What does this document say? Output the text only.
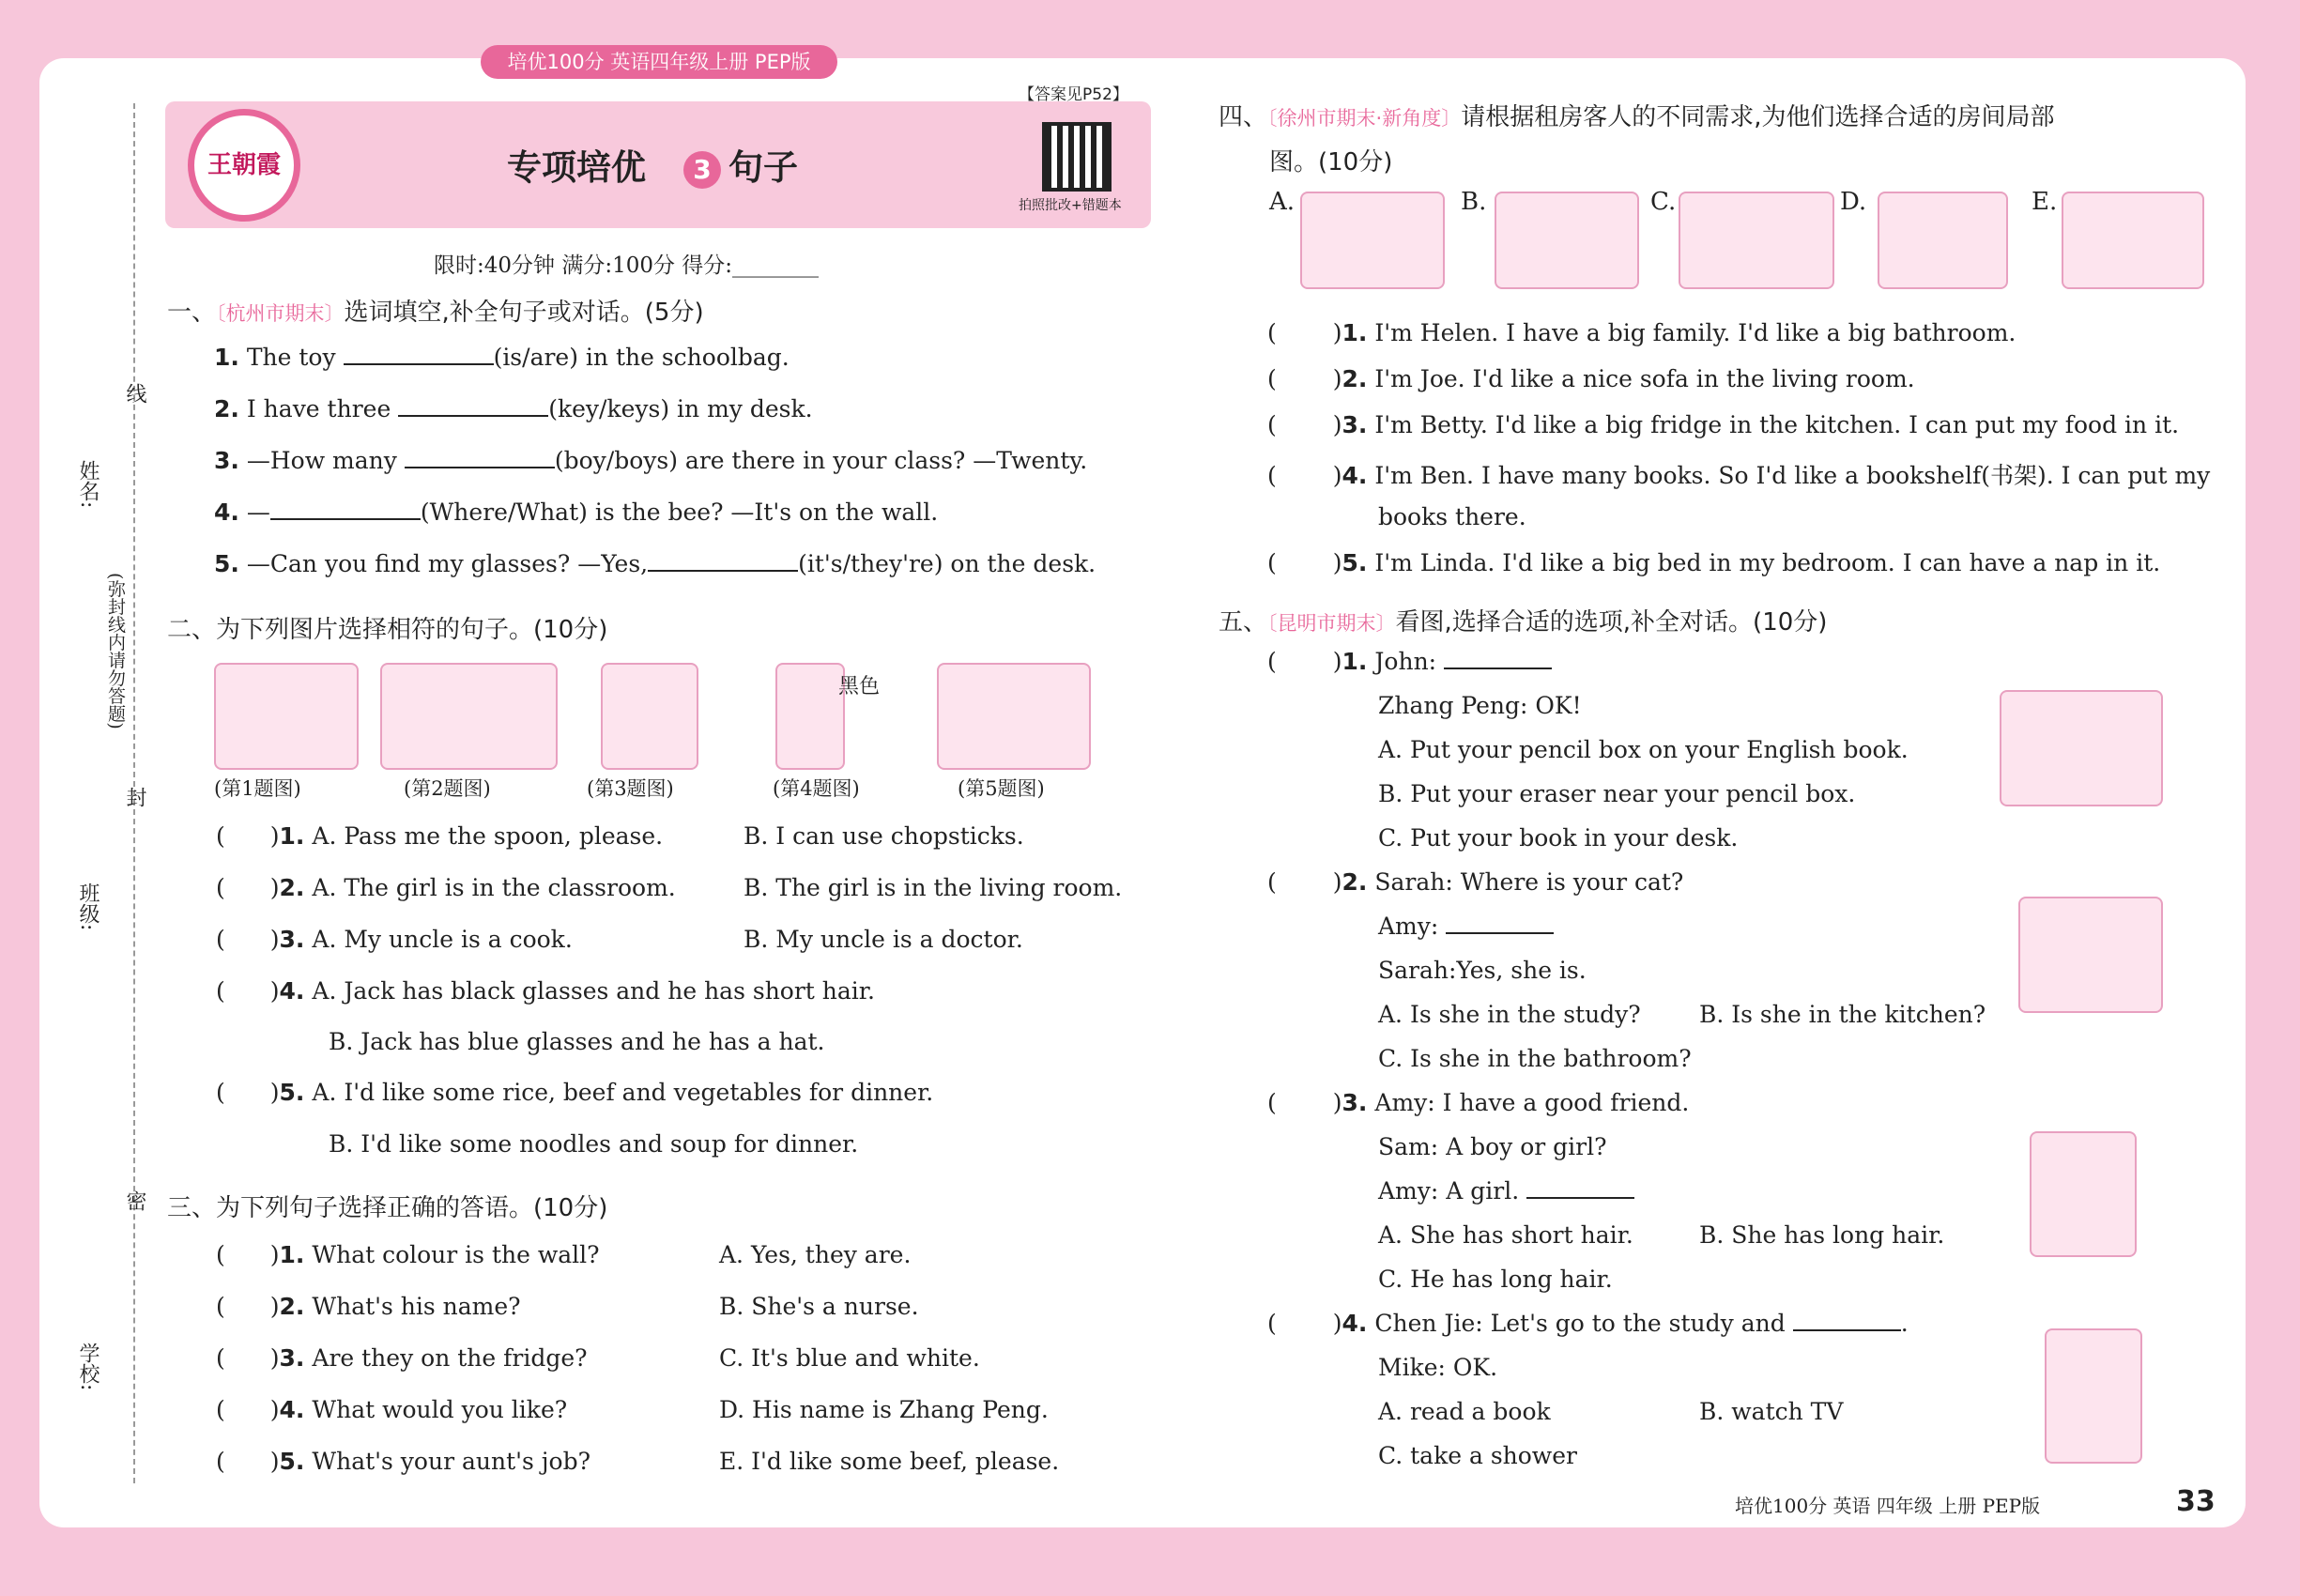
培优100分 英语四年级上册 PEP版
王朝霞	专项培优 3 句子
【答案见P52】
拍照批改+错题本
限时:40分钟 满分:100分 得分:________
姓名:
班级:
学校:
线
封
密
(弥封线内请勿答题)
一、〔杭州市期末〕选词填空,补全句子或对话。(5分)
1. The toy	(is/are) in the schoolbag.
2. I have three	(key/keys) in my desk.
3. —How many	(boy/boys) are there in your class? —Twenty.
4. —	(Where/What) is the bee? —It's on the wall.
5. —Can you find my glasses? —Yes,	(it's/they're) on the desk.
二、为下列图片选择相符的句子。(10分)
黑色
(第1题图)	(第2题图)	(第3题图)	(第4题图)	(第5题图)
( )1. A. Pass me the spoon, please.	B. I can use chopsticks.
( )2. A. The girl is in the classroom.	B. The girl is in the living room.
( )3. A. My uncle is a cook.	B. My uncle is a doctor.
( )4. A. Jack has black glasses and he has short hair.
B. Jack has blue glasses and he has a hat.
( )5. A. I'd like some rice, beef and vegetables for dinner.
B. I'd like some noodles and soup for dinner.
三、为下列句子选择正确的答语。(10分)
( )1. What colour is the wall?	A. Yes, they are.
( )2. What's his name?	B. She's a nurse.
( )3. Are they on the fridge?	C. It's blue and white.
( )4. What would you like?	D. His name is Zhang Peng.
( )5. What's your aunt's job?	E. I'd like some beef, please.
四、〔徐州市期末·新角度〕请根据租房客人的不同需求,为他们选择合适的房间局部
图。(10分)
A.	B.	C.	D.	E.
( )1. I'm Helen. I have a big family. I'd like a big bathroom.
( )2. I'm Joe. I'd like a nice sofa in the living room.
( )3. I'm Betty. I'd like a big fridge in the kitchen. I can put my food in it.
( )4. I'm Ben. I have many books. So I'd like a bookshelf(书架). I can put my
books there.
( )5. I'm Linda. I'd like a big bed in my bedroom. I can have a nap in it.
五、〔昆明市期末〕看图,选择合适的选项,补全对话。(10分)
( )1. John:
Zhang Peng: OK!
A. Put your pencil box on your English book.
B. Put your eraser near your pencil box.
C. Put your book in your desk.
( )2. Sarah: Where is your cat?
Amy:
Sarah:Yes, she is.
A. Is she in the study? B. Is she in the kitchen?
C. Is she in the bathroom?
( )3. Amy: I have a good friend.
Sam: A boy or girl?
Amy: A girl.
A. She has short hair.	B. She has long hair.
C. He has long hair.
( )4. Chen Jie: Let's go to the study and	.
Mike: OK.
A. read a book	B. watch TV
C. take a shower
培优100分 英语 四年级 上册 PEP版	33
